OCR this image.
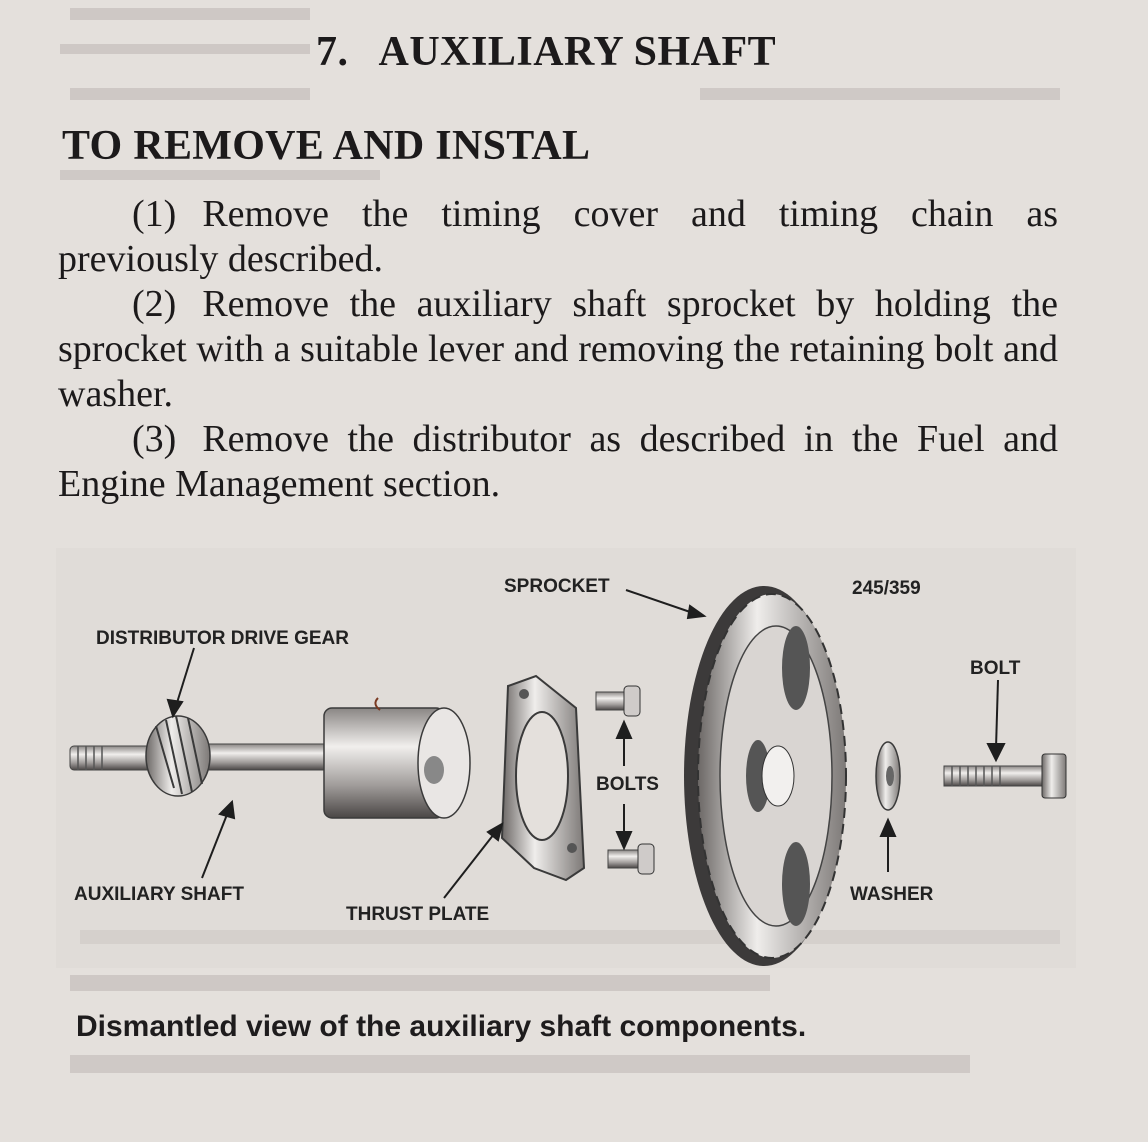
7. AUXILIARY SHAFT
TO REMOVE AND INSTAL

(1) Remove the timing cover and timing chain as previously described.

(2) Remove the auxiliary shaft sprocket by holding the sprocket with a suitable lever and removing the retaining bolt and washer.

(3) Remove the distributor as described in the Fuel and Engine Management section.

SPROCKET	245/359
DISTRIBUTOR DRIVE GEAR
BOLT
BOLTS
AUXILIARY SHAFT
THRUST PLATE
WASHER

Dismantled view of the auxiliary shaft components.
